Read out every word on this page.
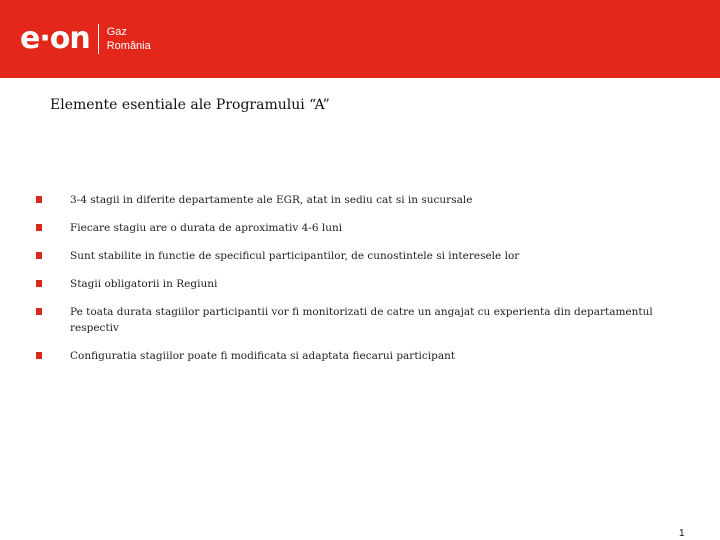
e·on Gaz
România
Elemente esentiale ale Programului “A”
3-4 stagii in diferite departamente ale EGR, atat in sediu cat si in sucursale
Fiecare stagiu are o durata de aproximativ 4-6 luni
Sunt stabilite in functie de specificul participantilor, de cunostintele si interesele lor
Stagii obligatorii in Regiuni
Pe toata durata stagiilor participantii vor fi monitorizati de catre un angajat cu experienta din departamentul respectiv
Configuratia stagiilor poate fi modificata si adaptata fiecarui participant
1
